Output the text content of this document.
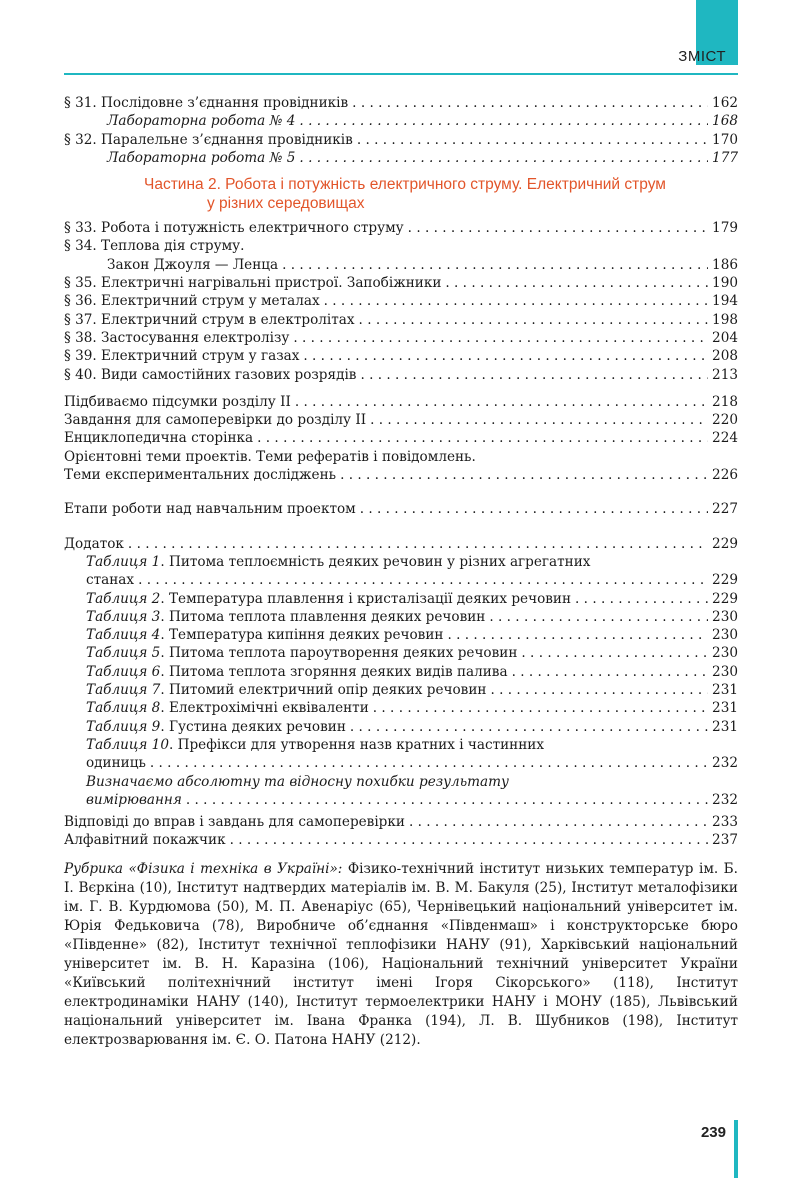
ЗМІСТ
§ 31. Послідовне з’єднання провідників . . .	162
Лабораторна робота № 4 . . .	168
§ 32. Паралельне з’єднання провідників . . .	170
Лабораторна робота № 5 . . .	177
Частина 2. Робота і потужність електричного струму. Електричний струм
у різних середовищах
§ 33. Робота і потужність електричного струму . . .	179
§ 34. Теплова дія струму.
Закон Джоуля — Ленца . . .	186
§ 35. Електричні нагрівальні пристрої. Запобіжники . . .	190
§ 36. Електричний струм у металах . . .	194
§ 37. Електричний струм в електролітах . . .	198
§ 38. Застосування електролізу . . .	204
§ 39. Електричний струм у газах . . .	208
§ 40. Види самостійних газових розрядів . . .	213
Підбиваємо підсумки розділу II . . .	218
Завдання для самоперевірки до розділу II . . .	220
Енциклопедична сторінка . . .	224
Орієнтовні теми проектів. Теми рефератів і повідомлень.
Теми експериментальних досліджень . . .	226
Етапи роботи над навчальним проектом . . .	227
Додаток . . .	229
Таблиця 1. Питома теплоємність деяких речовин у різних агрегатних
станах . . .	229
Таблиця 2. Температура плавлення і кристалізації деяких речовин . . .	229
Таблиця 3. Питома теплота плавлення деяких речовин . . .	230
Таблиця 4. Температура кипіння деяких речовин . . .	230
Таблиця 5. Питома теплота пароутворення деяких речовин . . .	230
Таблиця 6. Питома теплота згоряння деяких видів палива . . .	230
Таблиця 7. Питомий електричний опір деяких речовин . . .	231
Таблиця 8. Електрохімічні еквіваленти . . .	231
Таблиця 9. Густина деяких речовин . . .	231
Таблиця 10. Префікси для утворення назв кратних і частинних
одиниць . . .	232
Визначаємо абсолютну та відносну похибки результату
вимірювання . . .	232
Відповіді до вправ і завдань для самоперевірки . . .	233
Алфавітний покажчик . . .	237
Рубрика «Фізика і техніка в Україні»: Фізико-технічний інститут низьких температур ім. Б. І. Вєркіна (10), Інститут надтвердих матеріалів ім. В. М. Бакуля (25), Інститут металофізики ім. Г. В. Курдюмова (50), М. П. Авенаріус (65), Чернівецький національний університет ім. Юрія Федьковича (78), Виробниче об’єднання «Південмаш» і конструкторське бюро «Південне» (82), Інститут технічної теплофізики НАНУ (91), Харківський національний університет ім. В. Н. Каразіна (106), Національний технічний університет України «Київський політехнічний інститут імені Ігоря Сікорського» (118), Інститут електродинаміки НАНУ (140), Інститут термоелектрики НАНУ і МОНУ (185), Львівський національний університет ім. Івана Франка (194), Л. В. Шубников (198), Інститут електрозварювання ім. Є. О. Патона НАНУ (212).
239
